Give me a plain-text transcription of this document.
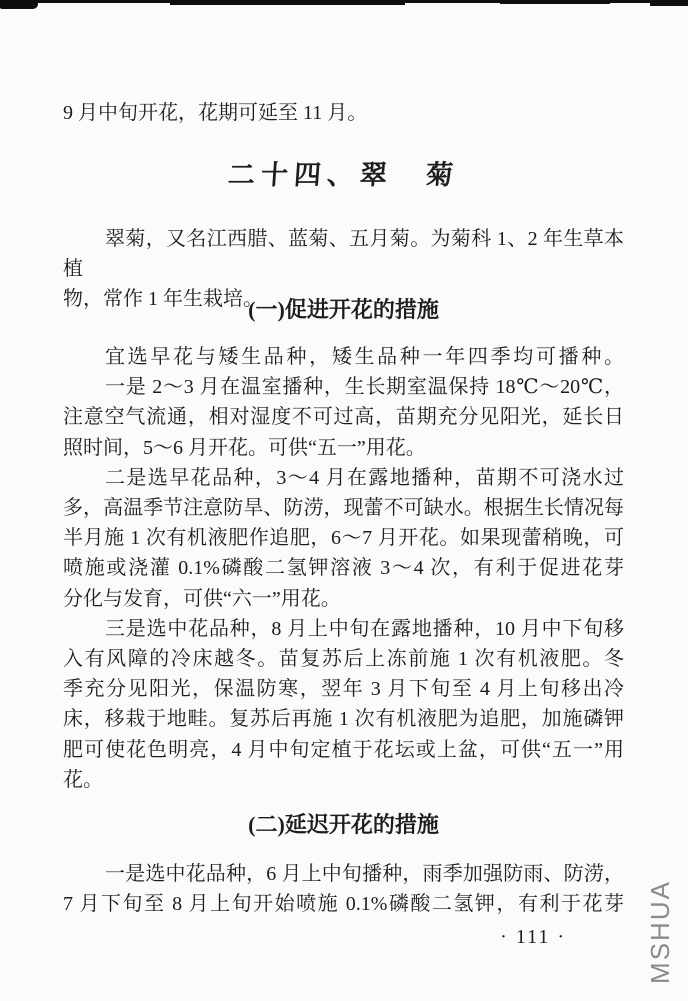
9 月中旬开花，花期可延至 11 月。
二十四、翠　菊
翠菊，又名江西腊、蓝菊、五月菊。为菊科 1、2 年生草本植
物，常作 1 年生栽培。
(一)促进开花的措施
宜选早花与矮生品种，矮生品种一年四季均可播种。
一是 2～3 月在温室播种，生长期室温保持 18℃～20℃，
注意空气流通，相对湿度不可过高，苗期充分见阳光，延长日
照时间，5～6 月开花。可供“五一”用花。
二是选早花品种，3～4 月在露地播种，苗期不可浇水过
多，高温季节注意防旱、防涝，现蕾不可缺水。根据生长情况每
半月施 1 次有机液肥作追肥，6～7 月开花。如果现蕾稍晚，可
喷施或浇灌 0.1%磷酸二氢钾溶液 3～4 次，有利于促进花芽
分化与发育，可供“六一”用花。
三是选中花品种，8 月上中旬在露地播种，10 月中下旬移
入有风障的冷床越冬。苗复苏后上冻前施 1 次有机液肥。冬
季充分见阳光，保温防寒，翌年 3 月下旬至 4 月上旬移出冷
床，移栽于地畦。复苏后再施 1 次有机液肥为追肥，加施磷钾
肥可使花色明亮，4 月中旬定植于花坛或上盆，可供“五一”用
花。
(二)延迟开花的措施
一是选中花品种，6 月上中旬播种，雨季加强防雨、防涝，
7 月下旬至 8 月上旬开始喷施 0.1%磷酸二氢钾，有利于花芽
· 111 ·	MSHUA
